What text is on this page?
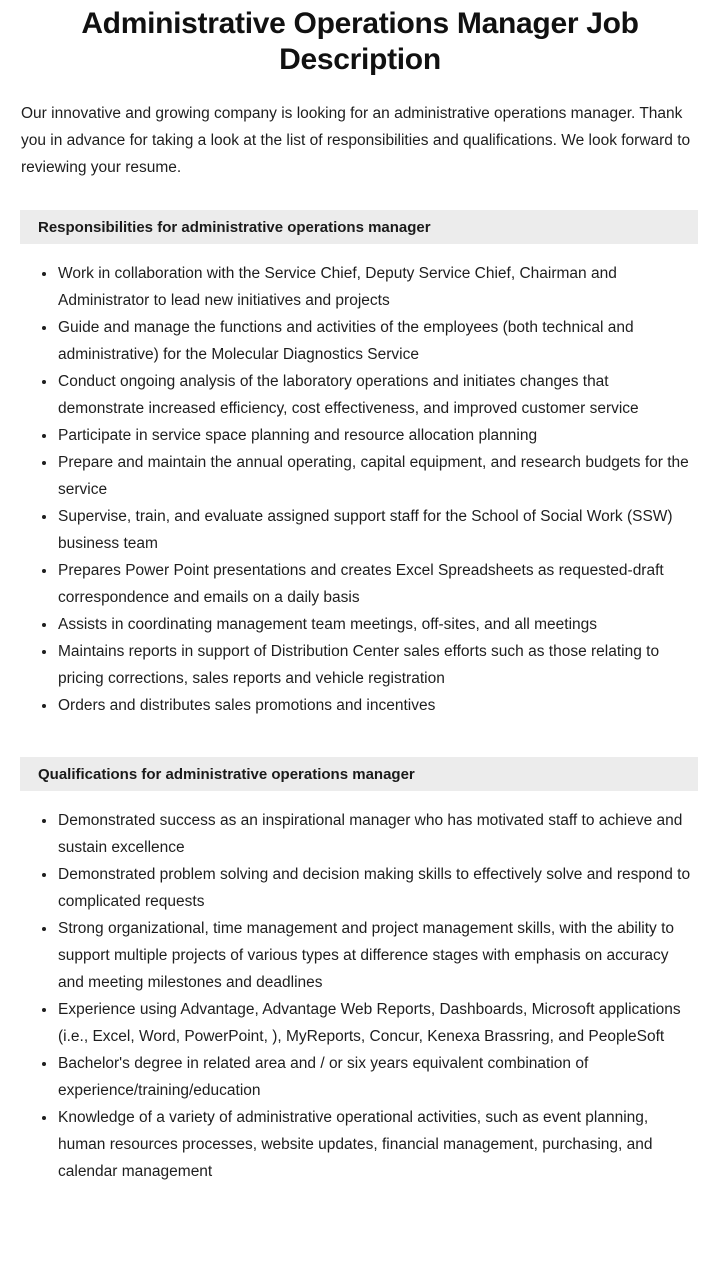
Administrative Operations Manager Job Description

Our innovative and growing company is looking for an administrative operations manager. Thank you in advance for taking a look at the list of responsibilities and qualifications. We look forward to reviewing your resume.

Responsibilities for administrative operations manager
Work in collaboration with the Service Chief, Deputy Service Chief, Chairman and Administrator to lead new initiatives and projects
Guide and manage the functions and activities of the employees (both technical and administrative) for the Molecular Diagnostics Service
Conduct ongoing analysis of the laboratory operations and initiates changes that demonstrate increased efficiency, cost effectiveness, and improved customer service
Participate in service space planning and resource allocation planning
Prepare and maintain the annual operating, capital equipment, and research budgets for the service
Supervise, train, and evaluate assigned support staff for the School of Social Work (SSW) business team
Prepares Power Point presentations and creates Excel Spreadsheets as requested-draft correspondence and emails on a daily basis
Assists in coordinating management team meetings, off-sites, and all meetings
Maintains reports in support of Distribution Center sales efforts such as those relating to pricing corrections, sales reports and vehicle registration
Orders and distributes sales promotions and incentives
Qualifications for administrative operations manager
Demonstrated success as an inspirational manager who has motivated staff to achieve and sustain excellence
Demonstrated problem solving and decision making skills to effectively solve and respond to complicated requests
Strong organizational, time management and project management skills, with the ability to support multiple projects of various types at difference stages with emphasis on accuracy and meeting milestones and deadlines
Experience using Advantage, Advantage Web Reports, Dashboards, Microsoft applications (i.e., Excel, Word, PowerPoint, ), MyReports, Concur, Kenexa Brassring, and PeopleSoft
Bachelor's degree in related area and / or six years equivalent combination of experience/training/education
Knowledge of a variety of administrative operational activities, such as event planning, human resources processes, website updates, financial management, purchasing, and calendar management
